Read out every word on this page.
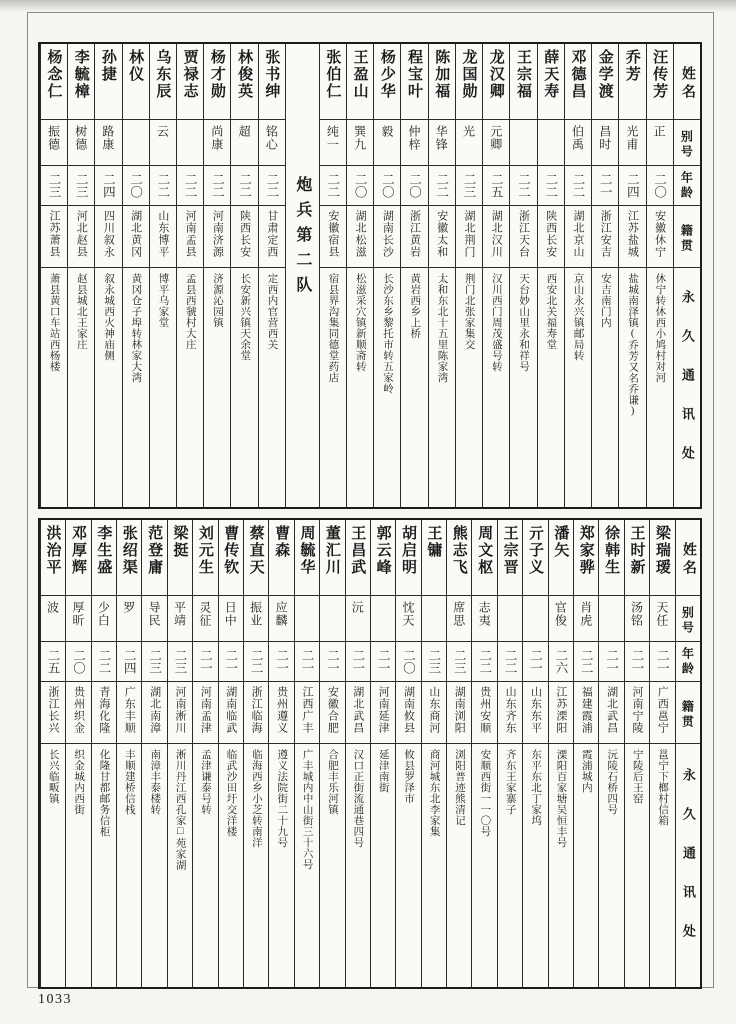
姓名
别号
年龄
籍贯
永久通讯处
汪传芳
正
二〇
安徽休宁
休宁转休西小鸠村对河
乔芳
光甫
二四
江苏盐城
盐城南泽镇(乔芳又名乔谦)
金学渡
昌时
二一
浙江安吉
安吉南门内
邓德昌
伯禹
二二
湖北京山
京山永兴镇邮局转
薛天寿
二二
陕西长安
西安北关福寿堂
王宗福
二二
浙江天台
天台妙山里永和祥号
龙汉卿
元卿
二五
湖北汉川
汉川西门周茂盛号转
龙国勋
光
二三
湖北荆门
荆门北张家集交
陈加福
华锋
二二
安徽太和
太和东北十五里陈家湾
程宝叶
仲梓
二〇
浙江黄岩
黄岩西乡上桥
杨少华
毅
二〇
湖南长沙
长沙东乡黎托市转五家岭
王盈山
巽九
二〇
湖北松滋
松滋采穴镇新顺斋转
张伯仁
纯一
二二
安徽宿县
宿县界沟集同德堂药店
炮兵第二队
张书绅
铭心
二二
甘肃定西
定西内官营西关
林俊英
超
二二
陕西长安
长安新兴镇天余堂
杨才勋
尚康
二二
河南济源
济源沁园镇
贾禄志
二二
河南孟县
孟县西虢村大庄
乌东辰
云
二二
山东博平
博平乌家堂
林仪
二〇
湖北黄冈
黄冈仓子埠转林家大湾
孙捷
路康
二四
四川叙永
叙永城西火神庙侧
李毓樟
树德
二三
河北赵县
赵县城北王家庄
杨念仁
振德
二三
江苏萧县
萧县黄口车站西杨楼
姓名
别号
年龄
籍贯
永久通讯处
梁瑞瑷
天任
二一
广西邕宁
邕宁下榔村信箱
王时新
汤铭
二一
河南宁陵
宁陵后王窑
徐韩生
二一
湖北武昌
沅陵石桥四号
郑家骅
肖虎
二二
福建霞浦
霞浦城内
潘矢
官俊
二六
江苏溧阳
溧阳百家塘吴恒丰号
亓子义
二一
山东东平
东平东北丁家坞
王宗晋
二二
山东齐东
齐东王家寨子
周文枢
志夷
二二
贵州安顺
安顺西街一一〇号
熊志飞
席思
二三
湖南浏阳
浏阳普迹熊清记
王镛
二三
山东商河
商河城东北李家集
胡启明
忱天
二〇
湖南攸县
攸县罗泽市
郭云峰
二一
河南延津
延津南街
王昌武
沅
二一
湖北武昌
汉口正街流通巷四号
董汇川
二一
安徽合肥
合肥丰乐河镇
周毓华
二一
江西广丰
广丰城内中山街三十六号
曹森
应麟
二一
贵州遵义
遵义法院街二十九号
蔡直天
振业
二二
浙江临海
临海西乡小芝转南洋
曹传钦
日中
二一
湖南临武
临武沙田圩交洋楼
刘元生
灵征
二一
河南孟津
孟津谦泰号转
梁挺
平靖
二三
河南淅川
淅川丹江西孔家□苑家湖
范登庸
导民
二三
湖北南漳
南漳丰泰楼转
张绍渠
罗
二四
广东丰顺
丰顺建桥信栈
李生盛
少白
二二
青海化隆
化隆甘都邮务信柜
邓厚辉
厚昕
二〇
贵州织金
织金城内西街
洪治平
波
二五
浙江长兴
长兴临畈镇
1033
